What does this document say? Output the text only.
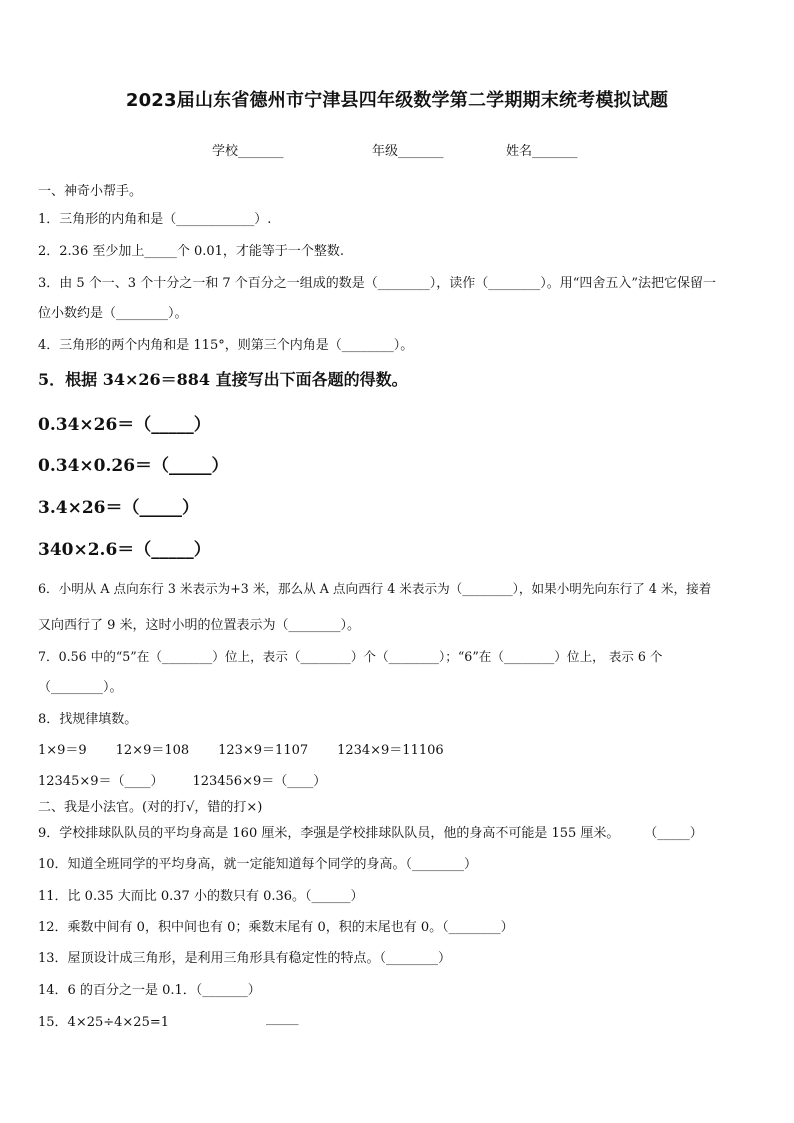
2023届山东省德州市宁津县四年级数学第二学期期末统考模拟试题
学校_______	年级_______	姓名_______
一、神奇小帮手。
1．三角形的内角和是（____________）.
2．2.36 至少加上_____个 0.01，才能等于一个整数.
3．由 5 个一、3 个十分之一和 7 个百分之一组成的数是（________），读作（________）。用“四舍五入”法把它保留一
位小数约是（________）。
4．三角形的两个内角和是 115°，则第三个内角是（________）。
5．根据 34×26＝884 直接写出下面各题的得数。
0.34×26＝（_____）
0.34×0.26＝（_____）
3.4×26＝（_____）
340×2.6＝（_____）
6．小明从 A 点向东行 3 米表示为+3 米，那么从 A 点向西行 4 米表示为（________），如果小明先向东行了 4 米，接着
又向西行了 9 米，这时小明的位置表示为（________）。
7．0.56 中的“5”在（________）位上，表示（________）个（________）；“6”在（________）位上， 表示 6 个
（________）。
8．找规律填数。
1×9＝9       12×9＝108       123×9＝1107       1234×9＝11106
12345×9＝（____）       123456×9＝（____）
二、我是小法官。(对的打√，错的打×)
9．学校排球队队员的平均身高是 160 厘米，李强是学校排球队队员，他的身高不可能是 155 厘米。      （_____）
10．知道全班同学的平均身高，就一定能知道每个同学的身高。（________）
11．比 0.35 大而比 0.37 小的数只有 0.36。（______）
12．乘数中间有 0，积中间也有 0；乘数末尾有 0，积的末尾也有 0。（________）
13．屋顶设计成三角形，是利用三角形具有稳定性的特点。（________）
14．6 的百分之一是 0.1．（_______）
15．4×25÷4×25=1	_____
